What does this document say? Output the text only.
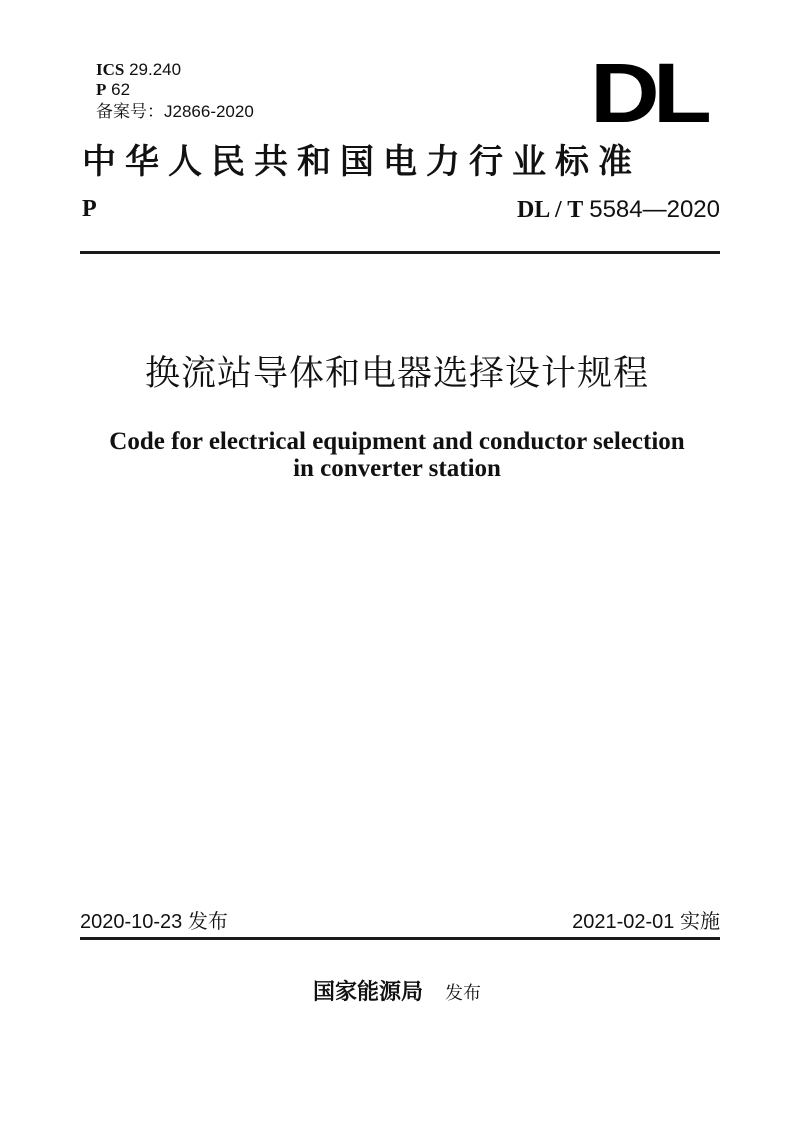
ICS 29.240
P 62
备案号：J2866-2020	DL
中华人民共和国电力行业标准
P	DL / T 5584—2020
换流站导体和电器选择设计规程
Code for electrical equipment and conductor selection
in converter station
2020-10-23 发布	2021-02-01 实施
国家能源局 发布
